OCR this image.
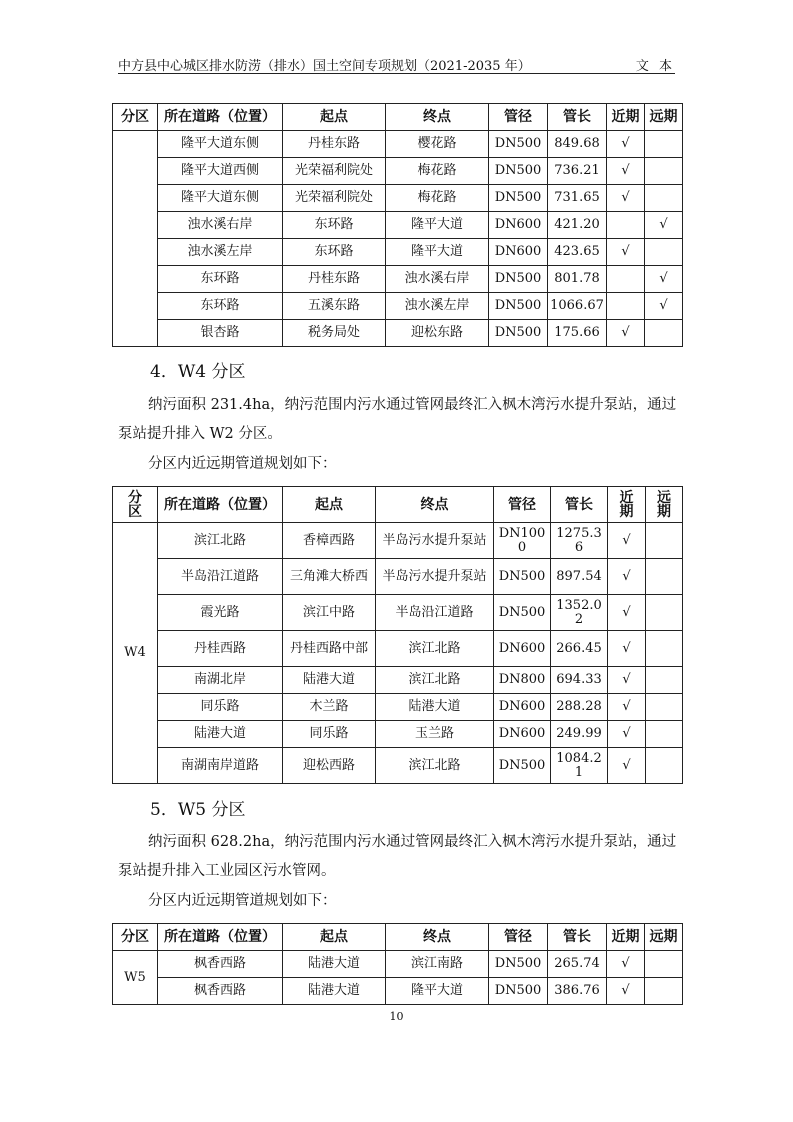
中方县中心城区排水防涝（排水）国土空间专项规划（2021-2035 年）	文 本
分区	所在道路（位置）	起点	终点	管径	管长	近期	远期
	隆平大道东侧	丹桂东路	樱花路	DN500	849.68	√	
	隆平大道西侧	光荣福利院处	梅花路	DN500	736.21	√	
	隆平大道东侧	光荣福利院处	梅花路	DN500	731.65	√	
	浊水溪右岸	东环路	隆平大道	DN600	421.20		√
	浊水溪左岸	东环路	隆平大道	DN600	423.65	√	
	东环路	丹桂东路	浊水溪右岸	DN500	801.78		√
	东环路	五溪东路	浊水溪左岸	DN500	1066.67		√
	银杏路	税务局处	迎松东路	DN500	175.66	√	
4．W4 分区
纳污面积 231.4ha，纳污范围内污水通过管网最终汇入枫木湾污水提升泵站，通过泵站提升排入 W2 分区。
分区内近远期管道规划如下：
分区	所在道路（位置）	起点	终点	管径	管长	近期	远期
W4	滨江北路	香樟西路	半岛污水提升泵站	DN1000	1275.36	√	
	半岛沿江道路	三角滩大桥西	半岛污水提升泵站	DN500	897.54	√	
	霞光路	滨江中路	半岛沿江道路	DN500	1352.02	√	
	丹桂西路	丹桂西路中部	滨江北路	DN600	266.45	√	
	南湖北岸	陆港大道	滨江北路	DN800	694.33	√	
	同乐路	木兰路	陆港大道	DN600	288.28	√	
	陆港大道	同乐路	玉兰路	DN600	249.99	√	
	南湖南岸道路	迎松西路	滨江北路	DN500	1084.21	√	
5．W5 分区
纳污面积 628.2ha，纳污范围内污水通过管网最终汇入枫木湾污水提升泵站，通过泵站提升排入工业园区污水管网。
分区内近远期管道规划如下：
分区	所在道路（位置）	起点	终点	管径	管长	近期	远期
W5	枫香西路	陆港大道	滨江南路	DN500	265.74	√	
	枫香西路	陆港大道	隆平大道	DN500	386.76	√	
10
